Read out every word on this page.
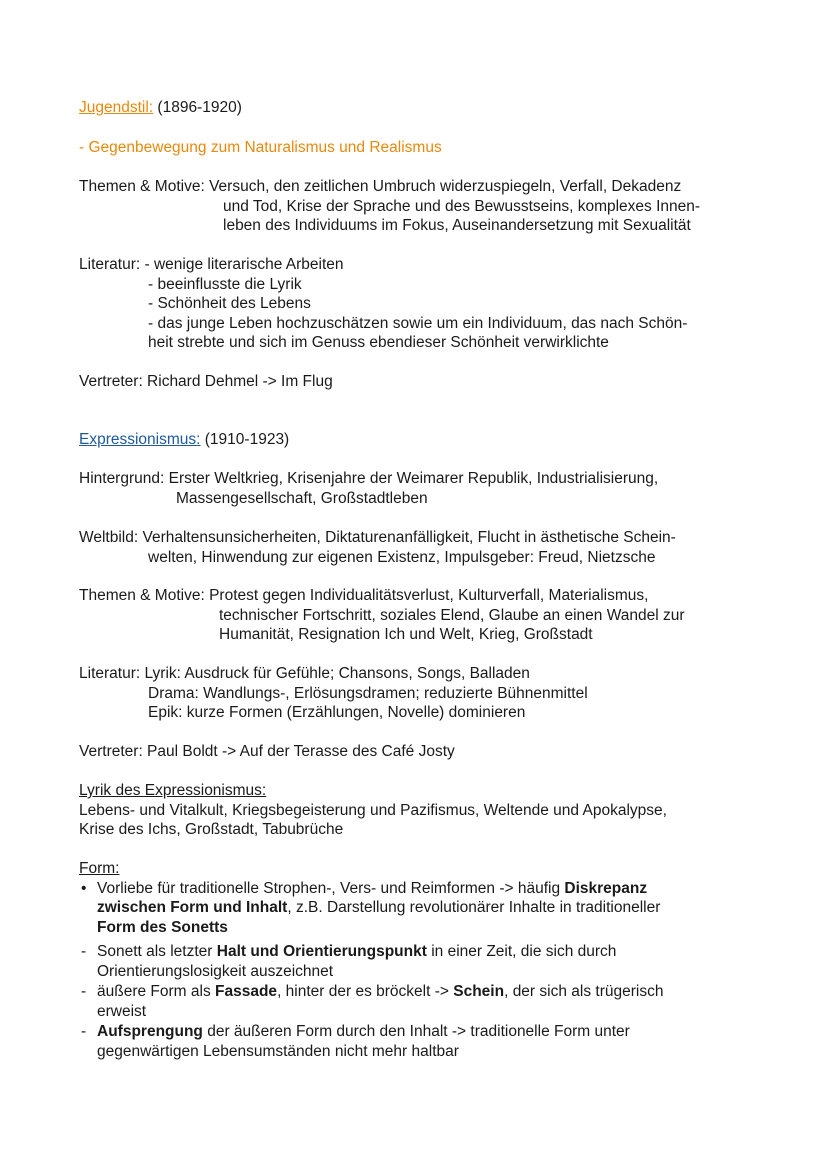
Jugendstil: (1896-1920)
- Gegenbewegung zum Naturalismus und Realismus
Themen & Motive: Versuch, den zeitlichen Umbruch widerzuspiegeln, Verfall, Dekadenz
und Tod, Krise der Sprache und des Bewusstseins, komplexes Innen-
leben des Individuums im Fokus, Auseinandersetzung mit Sexualität
Literatur: - wenige literarische Arbeiten
- beeinflusste die Lyrik
- Schönheit des Lebens
- das junge Leben hochzuschätzen sowie um ein Individuum, das nach Schön-
heit strebte und sich im Genuss ebendieser Schönheit verwirklichte
Vertreter: Richard Dehmel -> Im Flug
Expressionismus: (1910-1923)
Hintergrund: Erster Weltkrieg, Krisenjahre der Weimarer Republik, Industrialisierung,
Massengesellschaft, Großstadtleben
Weltbild: Verhaltensunsicherheiten, Diktaturenanfälligkeit, Flucht in ästhetische Schein-
welten, Hinwendung zur eigenen Existenz, Impulsgeber: Freud, Nietzsche
Themen & Motive: Protest gegen Individualitätsverlust, Kulturverfall, Materialismus,
technischer Fortschritt, soziales Elend, Glaube an einen Wandel zur
Humanität, Resignation Ich und Welt, Krieg, Großstadt
Literatur: Lyrik: Ausdruck für Gefühle; Chansons, Songs, Balladen
Drama: Wandlungs-, Erlösungsdramen; reduzierte Bühnenmittel
Epik: kurze Formen (Erzählungen, Novelle) dominieren
Vertreter: Paul Boldt -> Auf der Terasse des Café Josty
Lyrik des Expressionismus:
Lebens- und Vitalkult, Kriegsbegeisterung und Pazifismus, Weltende und Apokalypse,
Krise des Ichs, Großstadt, Tabubrüche
Form:
• Vorliebe für traditionelle Strophen-, Vers- und Reimformen -> häufig Diskrepanz
zwischen Form und Inhalt, z.B. Darstellung revolutionärer Inhalte in traditioneller
Form des Sonetts
- Sonett als letzter Halt und Orientierungspunkt in einer Zeit, die sich durch
Orientierungslosigkeit auszeichnet
- äußere Form als Fassade, hinter der es bröckelt -> Schein, der sich als trügerisch
erweist
- Aufsprengung der äußeren Form durch den Inhalt -> traditionelle Form unter
gegenwärtigen Lebensumständen nicht mehr haltbar
